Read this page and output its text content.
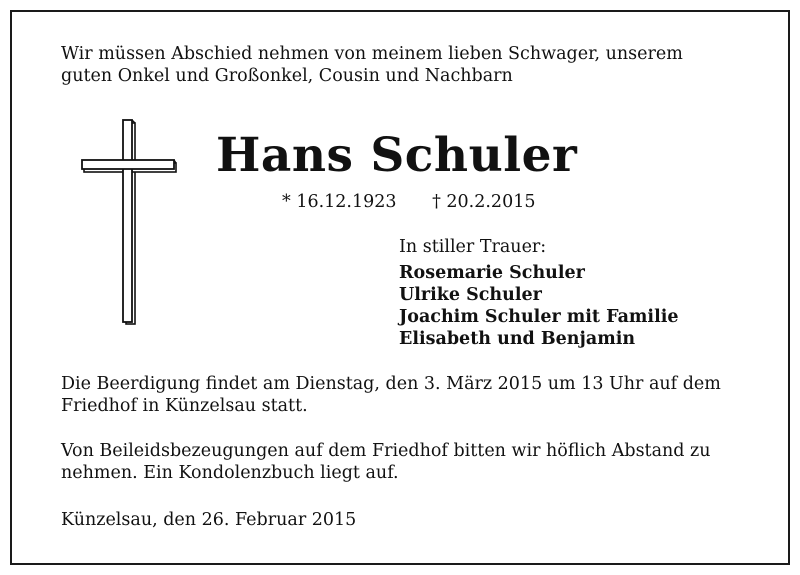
Wir müssen Abschied nehmen von meinem lieben Schwager, unserem
guten Onkel und Großonkel, Cousin und Nachbarn
Hans Schuler
* 16.12.1923 † 20.2.2015
In stiller Trauer:
Rosemarie Schuler
Ulrike Schuler
Joachim Schuler mit Familie
Elisabeth und Benjamin
Die Beerdigung findet am Dienstag, den 3. März 2015 um 13 Uhr auf dem
Friedhof in Künzelsau statt.
Von Beileidsbezeugungen auf dem Friedhof bitten wir höflich Abstand zu
nehmen. Ein Kondolenzbuch liegt auf.
Künzelsau, den 26. Februar 2015
